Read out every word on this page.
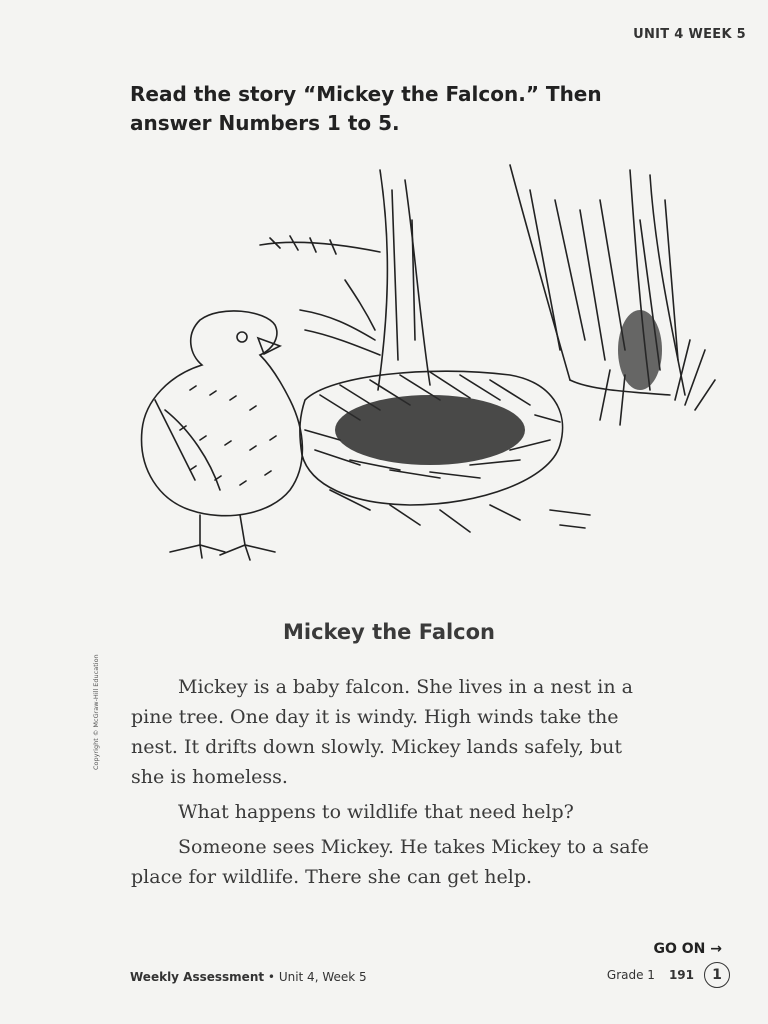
UNIT 4 WEEK 5
Read the story “Mickey the Falcon.” Then answer Numbers 1 to 5.
Mickey the Falcon

Mickey is a baby falcon. She lives in a nest in a pine tree. One day it is windy. High winds take the nest. It drifts down slowly. Mickey lands safely, but she is homeless.

What happens to wildlife that need help?

Someone sees Mickey. He takes Mickey to a safe place for wildlife. There she can get help.

Copyright © McGraw-Hill Education
GO ON →
Weekly Assessment • Unit 4, Week 5	Grade 1 191	1
